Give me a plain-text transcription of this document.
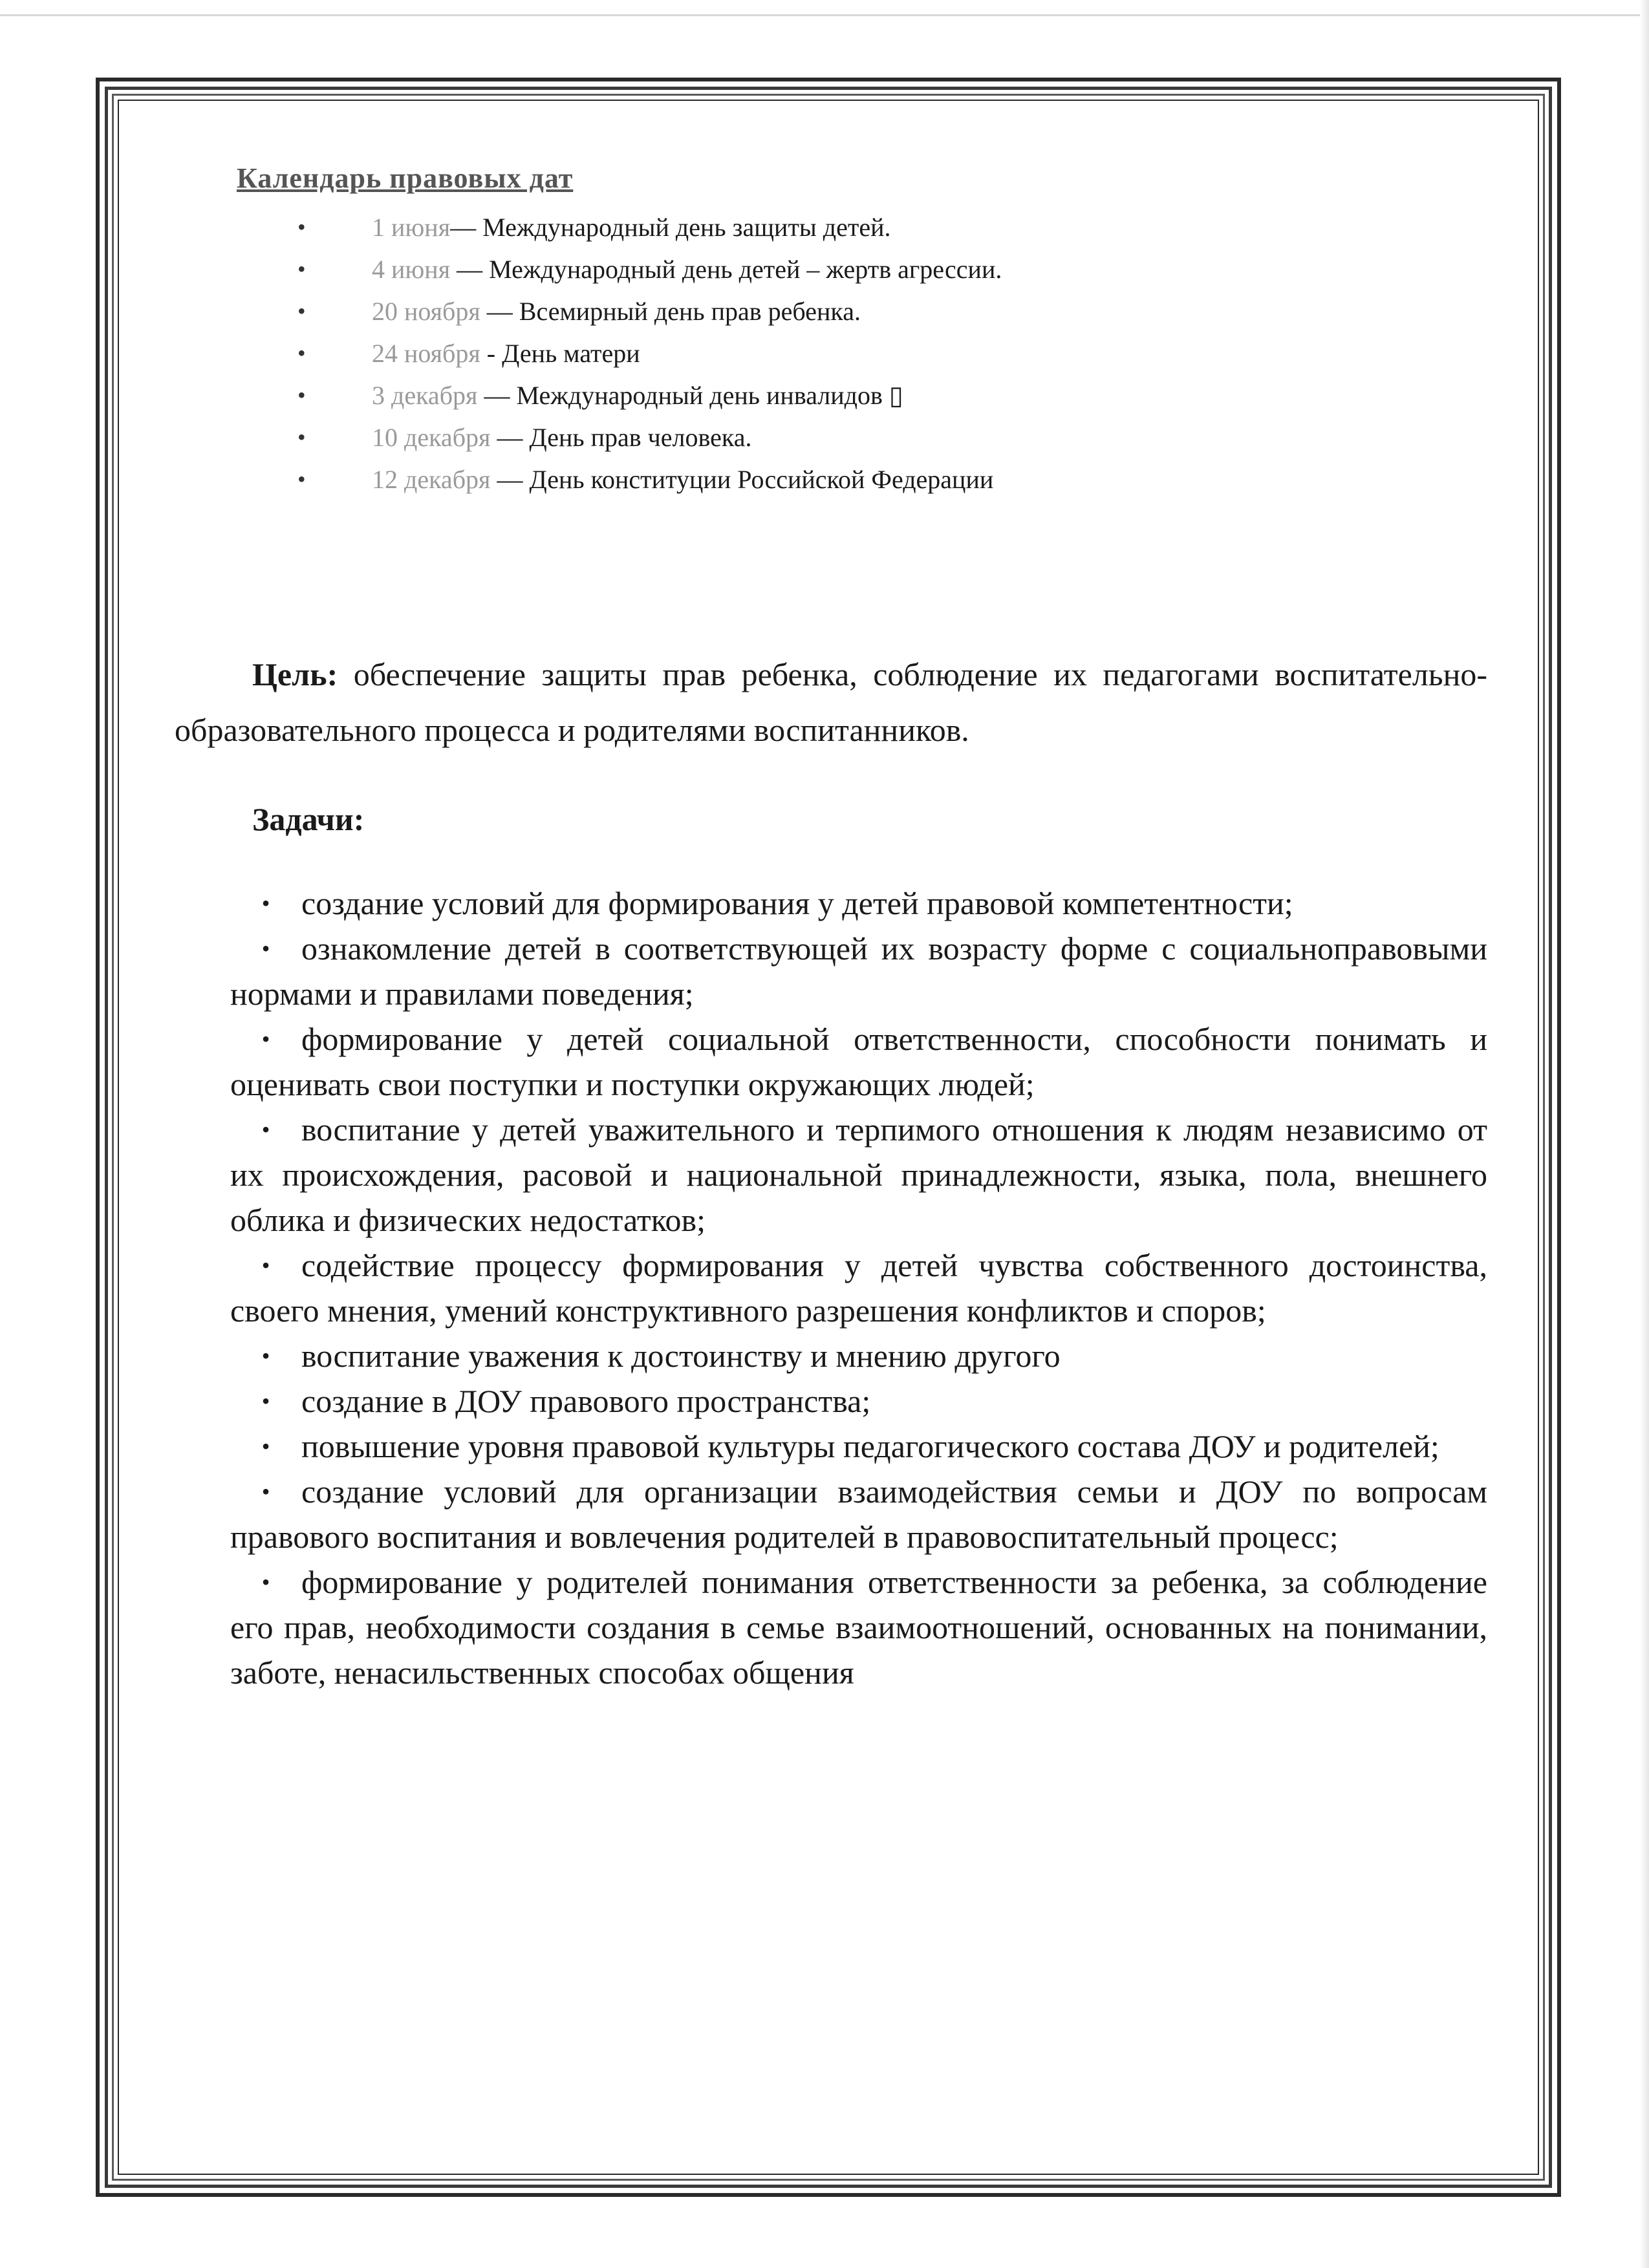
Календарь правовых дат
•	1 июня— Международный день защиты детей.
•	4 июня — Международный день детей – жертв агрессии.
•	20 ноября — Всемирный день прав ребенка.
•	24 ноября - День матери
•	3 декабря — Международный день инвалидов ▯
•	10 декабря — День прав человека.
•	12 декабря — День конституции Российской Федерации

Цель: обеспечение защиты прав ребенка, соблюдение их педагогами воспитательно-образовательного процесса и родителями воспитанников.

Задачи:
• создание условий для формирования у детей правовой компетентности;
• ознакомление детей в соответствующей их возрасту форме с социальноправовыми нормами и правилами поведения;
• формирование у детей социальной ответственности, способности понимать и оценивать свои поступки и поступки окружающих людей;
• воспитание у детей уважительного и терпимого отношения к людям независимо от их происхождения, расовой и национальной принадлежности, языка, пола, внешнего облика и физических недостатков;
• содействие процессу формирования у детей чувства собственного достоинства, своего мнения, умений конструктивного разрешения конфликтов и споров;
• воспитание уважения к достоинству и мнению другого
• создание в ДОУ правового пространства;
• повышение уровня правовой культуры педагогического состава ДОУ и родителей;
• создание условий для организации взаимодействия семьи и ДОУ по вопросам правового воспитания и вовлечения родителей в правовоспитательный процесс;
• формирование у родителей понимания ответственности за ребенка, за соблюдение его прав, необходимости создания в семье взаимоотношений, основанных на понимании, заботе, ненасильственных способах общения
